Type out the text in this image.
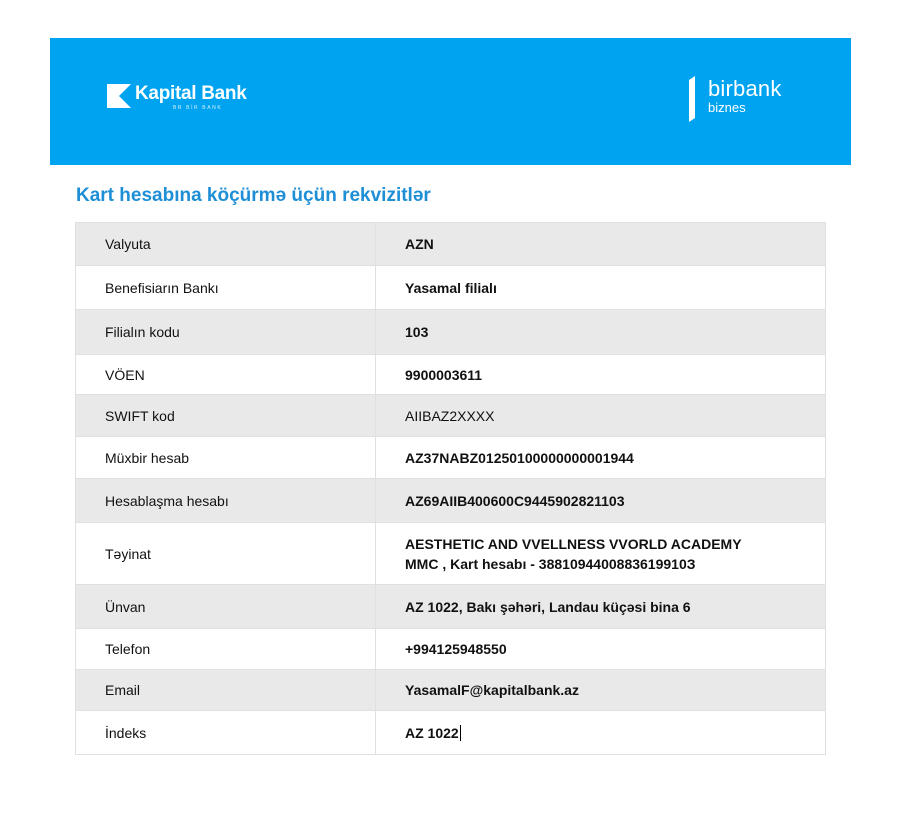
Kapital Bank
BR BİR BANK
birbank
biznes
Kart hesabına köçürmə üçün rekvizitlər
Valyuta	AZN
Benefisiarın Bankı	Yasamal filialı
Filialın kodu	103
VÖEN	9900003611
SWIFT kod	AIIBAZ2XXXX
Müxbir hesab	AZ37NABZ01250100000000001944
Hesablaşma hesabı	AZ69AIIB400600C9445902821103
Təyinat	AESTHETIC AND VVELLNESS VVORLD ACADEMY
MMC , Kart hesabı - 3881094400883619910З

Ünvan	AZ 1022, Bakı şəhəri, Landau küçəsi bina 6
Telefon	+994125948550
Email	YasamalF@kapitalbank.az
İndeks	AZ 1022
